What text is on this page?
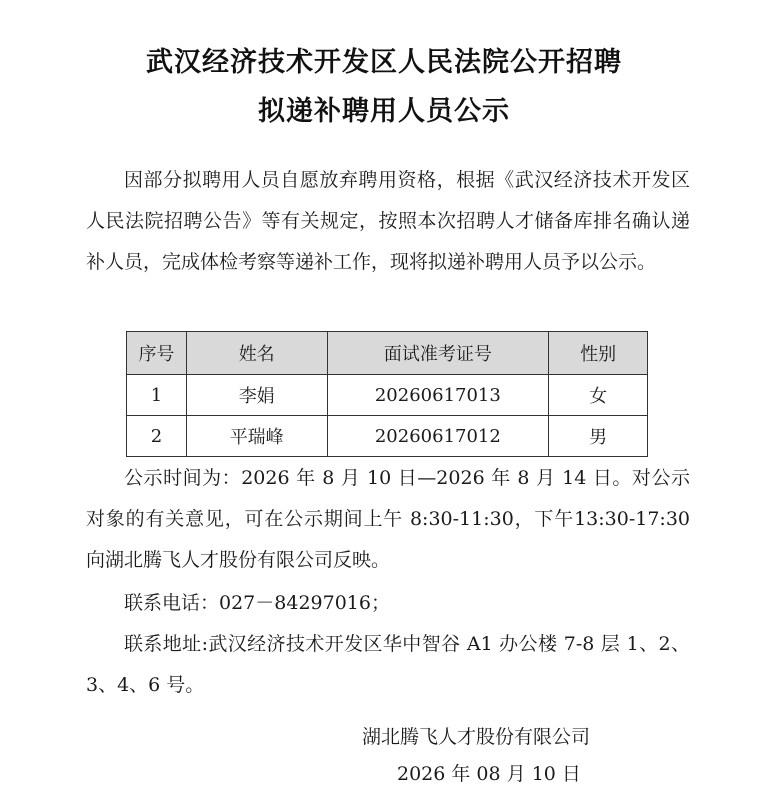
武汉经济技术开发区人民法院公开招聘
拟递补聘用人员公示

因部分拟聘用人员自愿放弃聘用资格，根据《武汉经济技术开发区人民法院招聘公告》等有关规定，按照本次招聘人才储备库排名确认递补人员，完成体检考察等递补工作，现将拟递补聘用人员予以公示。

序号	姓名	面试准考证号	性别
1	李娟	20260617013	女
2	平瑞峰	20260617012	男

公示时间为：2026 年 8 月 10 日—2026 年 8 月 14 日。对公示对象的有关意见，可在公示期间上午 8:30-11:30，下午13:30-17:30 向湖北腾飞人才股份有限公司反映。

联系电话：027－84297016；

联系地址:武汉经济技术开发区华中智谷 A1 办公楼 7-8 层 1、2、3、4、6 号。

湖北腾飞人才股份有限公司
2026 年 08 月 10 日
